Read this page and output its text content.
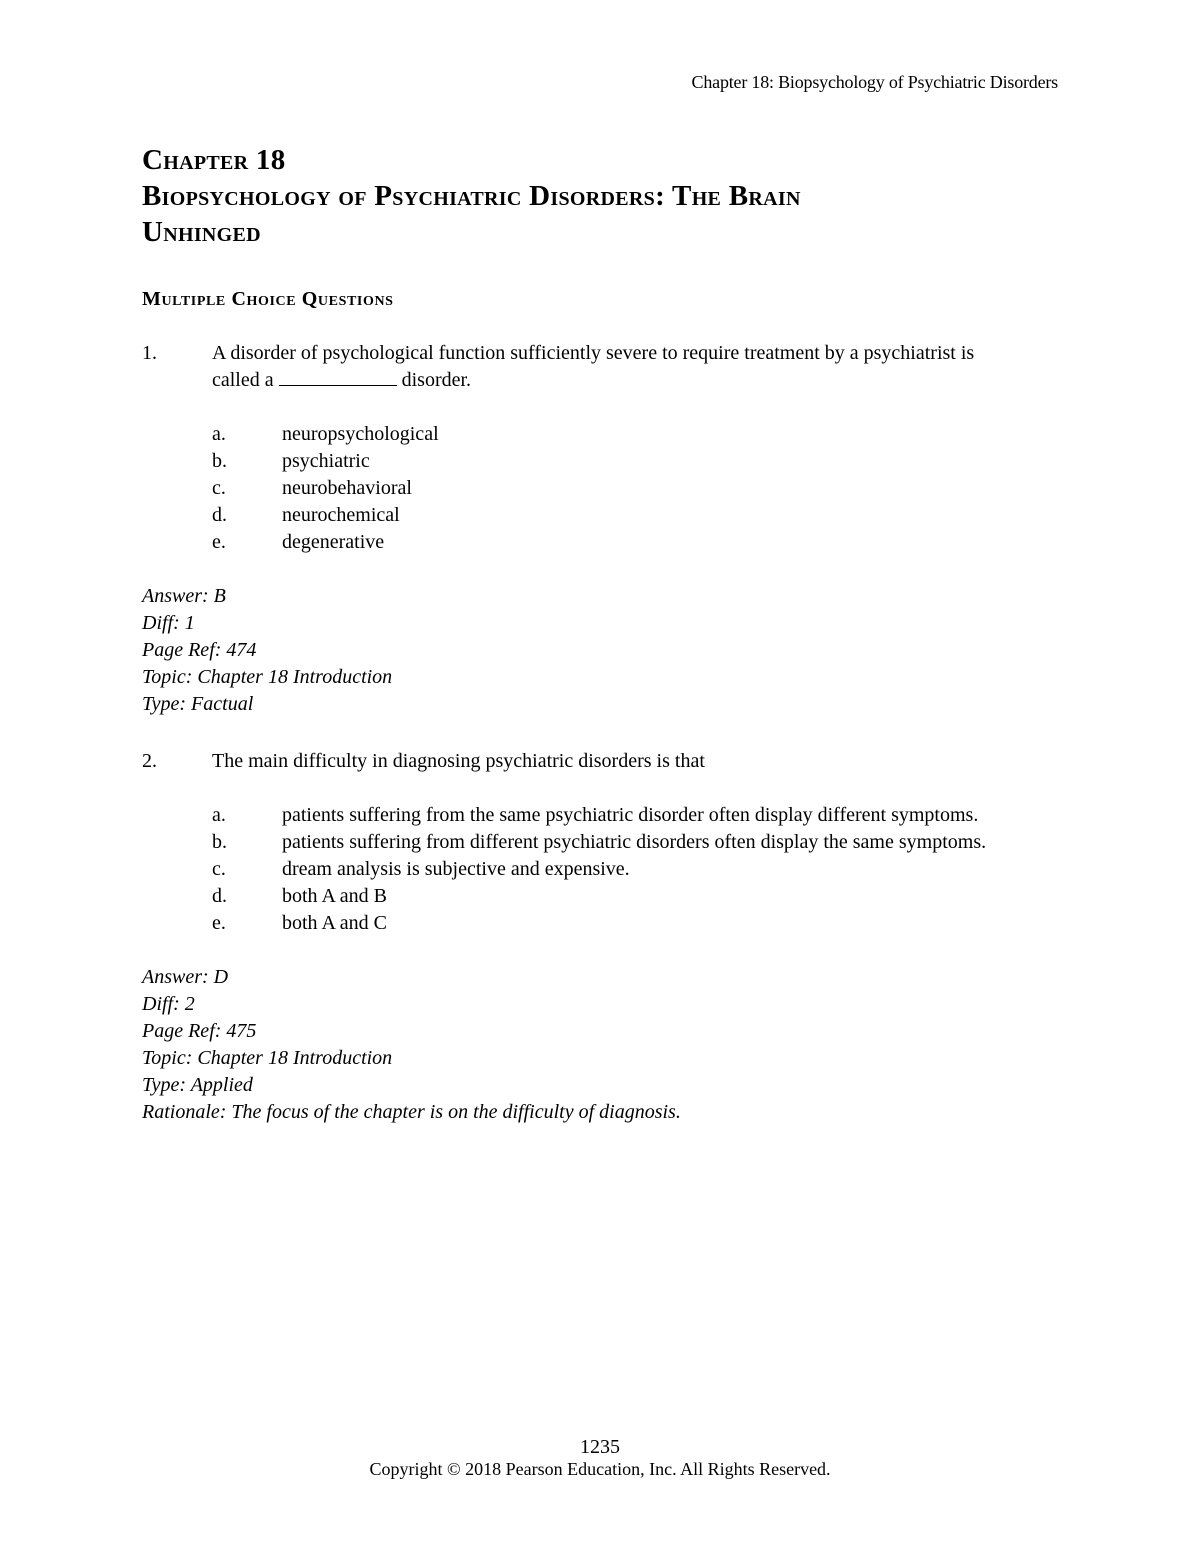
Chapter 18: Biopsychology of Psychiatric Disorders
Chapter 18
Biopsychology of Psychiatric Disorders: The Brain
Unhinged
Multiple Choice Questions
1.	A disorder of psychological function sufficiently severe to require treatment by a psychiatrist is called a	disorder.
a.	neuropsychological
b.	psychiatric
c.	neurobehavioral
d.	neurochemical
e.	degenerative
Answer: B
Diff: 1
Page Ref: 474
Topic: Chapter 18 Introduction
Type: Factual
2.	The main difficulty in diagnosing psychiatric disorders is that
a.	patients suffering from the same psychiatric disorder often display different symptoms.
b.	patients suffering from different psychiatric disorders often display the same symptoms.
c.	dream analysis is subjective and expensive.
d.	both A and B
e.	both A and C
Answer: D
Diff: 2
Page Ref: 475
Topic: Chapter 18 Introduction
Type: Applied
Rationale: The focus of the chapter is on the difficulty of diagnosis.
1235
Copyright © 2018 Pearson Education, Inc. All Rights Reserved.
